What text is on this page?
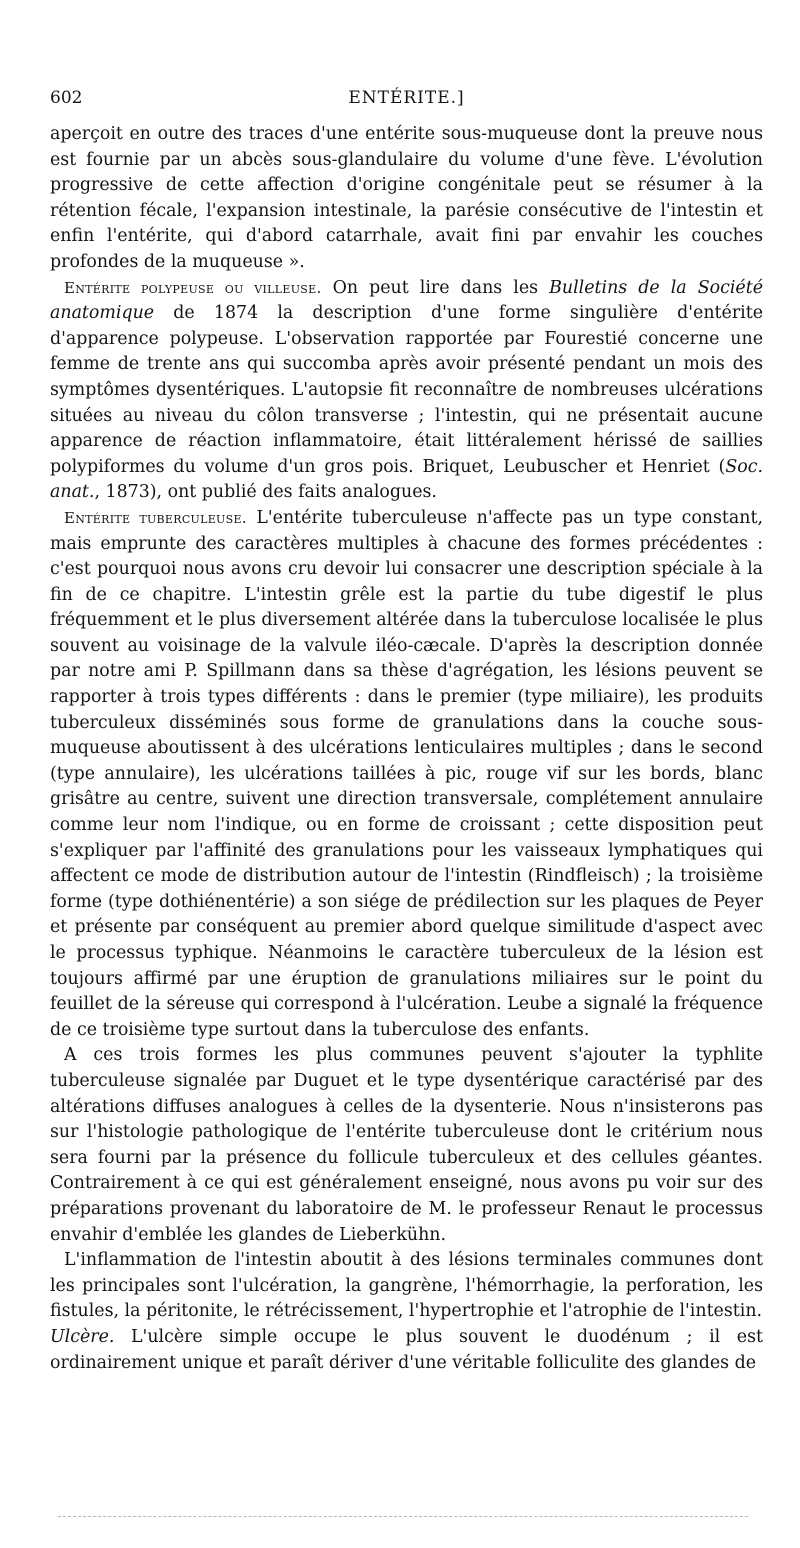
602	ENTÉRITE.]

aperçoit en outre des traces d'une entérite sous-muqueuse dont la preuve nous est fournie par un abcès sous-glandulaire du volume d'une fève. L'évolution progressive de cette affection d'origine congénitale peut se résumer à la rétention fécale, l'expansion intestinale, la parésie consécutive de l'intestin et enfin l'entérite, qui d'abord catarrhale, avait fini par envahir les couches profondes de la muqueuse ».

Entérite polypeuse ou villeuse. On peut lire dans les Bulletins de la Société anatomique de 1874 la description d'une forme singulière d'entérite d'apparence polypeuse. L'observation rapportée par Fourestié concerne une femme de trente ans qui succomba après avoir présenté pendant un mois des symptômes dysentériques. L'autopsie fit reconnaître de nombreuses ulcérations situées au niveau du côlon transverse ; l'intestin, qui ne présentait aucune apparence de réaction inflammatoire, était littéralement hérissé de saillies polypiformes du volume d'un gros pois. Briquet, Leubuscher et Henriet (Soc. anat., 1873), ont publié des faits analogues.

Entérite tuberculeuse. L'entérite tuberculeuse n'affecte pas un type constant, mais emprunte des caractères multiples à chacune des formes précédentes : c'est pourquoi nous avons cru devoir lui consacrer une description spéciale à la fin de ce chapitre. L'intestin grêle est la partie du tube digestif le plus fréquemment et le plus diversement altérée dans la tuberculose localisée le plus souvent au voisinage de la valvule iléo-cæcale. D'après la description donnée par notre ami P. Spillmann dans sa thèse d'agrégation, les lésions peuvent se rapporter à trois types différents : dans le premier (type miliaire), les produits tuberculeux disséminés sous forme de granulations dans la couche sous-muqueuse aboutissent à des ulcérations lenticulaires multiples ; dans le second (type annulaire), les ulcérations taillées à pic, rouge vif sur les bords, blanc grisâtre au centre, suivent une direction transversale, complétement annulaire comme leur nom l'indique, ou en forme de croissant ; cette disposition peut s'expliquer par l'affinité des granulations pour les vaisseaux lymphatiques qui affectent ce mode de distribution autour de l'intestin (Rindfleisch) ; la troisième forme (type dothiénentérie) a son siége de prédilection sur les plaques de Peyer et présente par conséquent au premier abord quelque similitude d'aspect avec le processus typhique. Néanmoins le caractère tuberculeux de la lésion est toujours affirmé par une éruption de granulations miliaires sur le point du feuillet de la séreuse qui correspond à l'ulcération. Leube a signalé la fréquence de ce troisième type surtout dans la tuberculose des enfants.

A ces trois formes les plus communes peuvent s'ajouter la typhlite tuberculeuse signalée par Duguet et le type dysentérique caractérisé par des altérations diffuses analogues à celles de la dysenterie. Nous n'insisterons pas sur l'histologie pathologique de l'entérite tuberculeuse dont le critérium nous sera fourni par la présence du follicule tuberculeux et des cellules géantes. Contrairement à ce qui est généralement enseigné, nous avons pu voir sur des préparations provenant du laboratoire de M. le professeur Renaut le processus envahir d'emblée les glandes de Lieberkühn.

L'inflammation de l'intestin aboutit à des lésions terminales communes dont les principales sont l'ulcération, la gangrène, l'hémorrhagie, la perforation, les fistules, la péritonite, le rétrécissement, l'hypertrophie et l'atrophie de l'intestin.

Ulcère. L'ulcère simple occupe le plus souvent le duodénum ; il est ordinairement unique et paraît dériver d'une véritable folliculite des glandes de
